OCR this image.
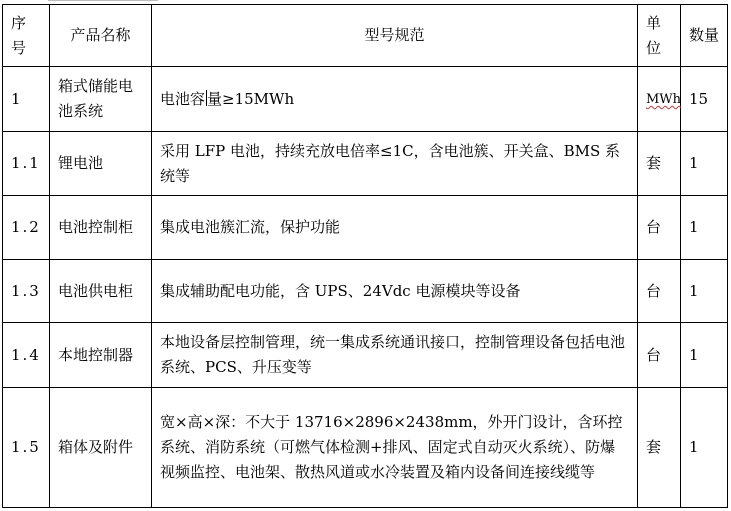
序号	产品名称	型号规范	单位	数量
1	箱式储能电池系统	电池容 量≥15MWh	MWh	15
1.1	锂电池	采用 LFP 电池，持续充放电倍率≤1C，含电池簇、开关盒、BMS 系统等	套	1
1.2	电池控制柜	集成电池簇汇流，保护功能	台	1
1.3	电池供电柜	集成辅助配电功能，含 UPS、24Vdc 电源模块等设备	台	1
1.4	本地控制器	本地设备层控制管理，统一集成系统通讯接口，控制管理设备包括电池系统、PCS、升压变等	台	1
1.5	箱体及附件	宽×高×深：不大于 13716×2896×2438mm，外开门设计，含环控系统、消防系统（可燃气体检测+排风、固定式自动灭火系统）、防爆视频监控、电池架、散热风道或水冷装置及箱内设备间连接线缆等	套	1
